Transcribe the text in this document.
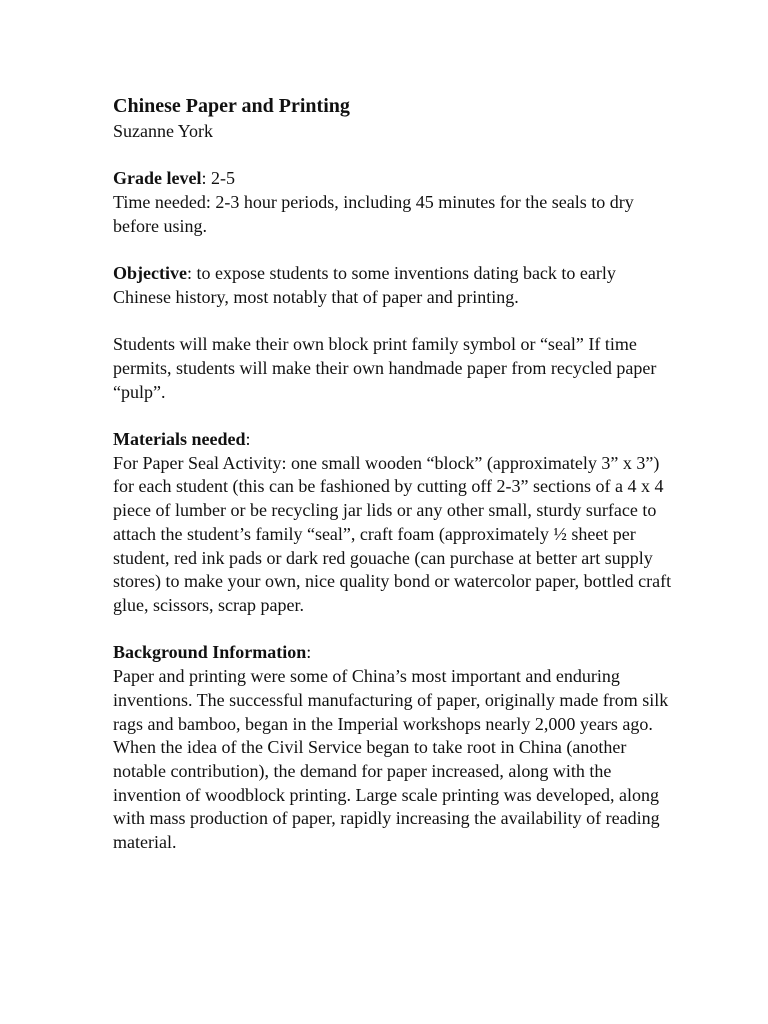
Chinese Paper and Printing

Suzanne York

Grade level: 2-5

Time needed: 2-3 hour periods, including 45 minutes for the seals to dry before using.

Objective: to expose students to some inventions dating back to early Chinese history, most notably that of paper and printing.

Students will make their own block print family symbol or “seal” If time permits, students will make their own handmade paper from recycled paper “pulp”.

Materials needed:

For Paper Seal Activity: one small wooden “block” (approximately 3” x 3”) for each student (this can be fashioned by cutting off 2-3” sections of a 4 x 4 piece of lumber or be recycling jar lids or any other small, sturdy surface to attach the student’s family “seal”, craft foam (approximately ½ sheet per student, red ink pads or dark red gouache (can purchase at better art supply stores) to make your own, nice quality bond or watercolor paper, bottled craft glue, scissors, scrap paper.

Background Information:

Paper and printing were some of China’s most important and enduring inventions. The successful manufacturing of paper, originally made from silk rags and bamboo, began in the Imperial workshops nearly 2,000 years ago. When the idea of the Civil Service began to take root in China (another notable contribution), the demand for paper increased, along with the invention of woodblock printing. Large scale printing was developed, along with mass production of paper, rapidly increasing the availability of reading material.
